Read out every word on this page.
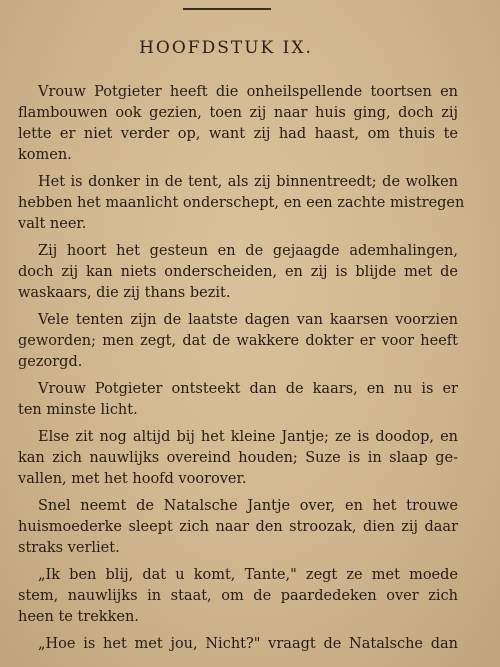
HOOFDSTUK IX.
Vrouw Potgieter heeft die onheilspellende toortsen en
flambouwen ook gezien, toen zij naar huis ging, doch zij
lette er niet verder op, want zij had haast, om thuis te
komen.
Het is donker in de tent, als zij binnentreedt; de wolken
hebben het maanlicht onderschept, en een zachte mistregen
valt neer.
Zij hoort het gesteun en de gejaagde ademhalingen,
doch zij kan niets onderscheiden, en zij is blijde met de
waskaars, die zij thans bezit.
Vele tenten zijn de laatste dagen van kaarsen voorzien
geworden; men zegt, dat de wakkere dokter er voor heeft
gezorgd.
Vrouw Potgieter ontsteekt dan de kaars, en nu is er
ten minste licht.
Else zit nog altijd bij het kleine Jantje; ze is doodop, en
kan zich nauwlijks overeind houden; Suze is in slaap ge-
vallen, met het hoofd voorover.
Snel neemt de Natalsche Jantje over, en het trouwe
huismoederke sleept zich naar den stroozak, dien zij daar
straks verliet.
„Ik ben blij, dat u komt, Tante," zegt ze met moede
stem, nauwlijks in staat, om de paardedeken over zich
heen te trekken.
„Hoe is het met jou, Nicht?" vraagt de Natalsche dan
